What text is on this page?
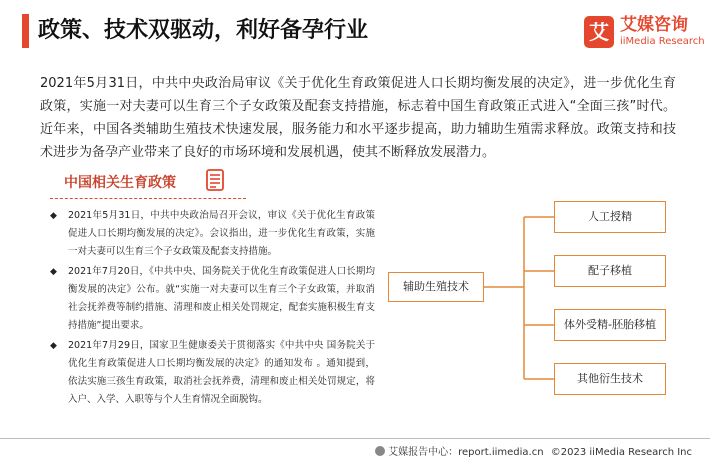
政策、技术双驱动，利好备孕行业	艾 艾媒咨询
iiMedia Research

2021年5月31日，中共中央政治局审议《关于优化生育政策促进人口长期均衡发展的决定》，进一步优化生育政策，实施一对夫妻可以生育三个子女政策及配套支持措施，标志着中国生育政策正式进入“全面三孩”时代。近年来，中国各类辅助生殖技术快速发展，服务能力和水平逐步提高，助力辅助生殖需求释放。政策支持和技术进步为备孕产业带来了良好的市场环境和发展机遇，使其不断释放发展潜力。

中国相关生育政策
◆ 2021年5月31日，中共中央政治局召开会议，审议《关于优化生育政策促进人口长期均衡发展的决定》。会议指出，进一步优化生育政策，实施一对夫妻可以生育三个子女政策及配套支持措施。
◆ 2021年7月20日，《中共中央、国务院关于优化生育政策促进人口长期均衡发展的决定》公布。就“实施一对夫妻可以生育三个子女政策，并取消社会抚养费等制约措施、清理和废止相关处罚规定，配套实施积极生育支持措施”提出要求。
◆ 2021年7月29日，国家卫生健康委关于贯彻落实《中共中央 国务院关于优化生育政策促进人口长期均衡发展的决定》的通知发布 。通知提到，依法实施三孩生育政策，取消社会抚养费，清理和废止相关处罚规定，将入户、入学、入职等与个人生育情况全面脱钩。
辅助生殖技术
人工授精
配子移植
体外受精-胚胎移植
其他衍生技术
艾媒报告中心：report.iimedia.cn ©2023 iiMedia Research Inc
